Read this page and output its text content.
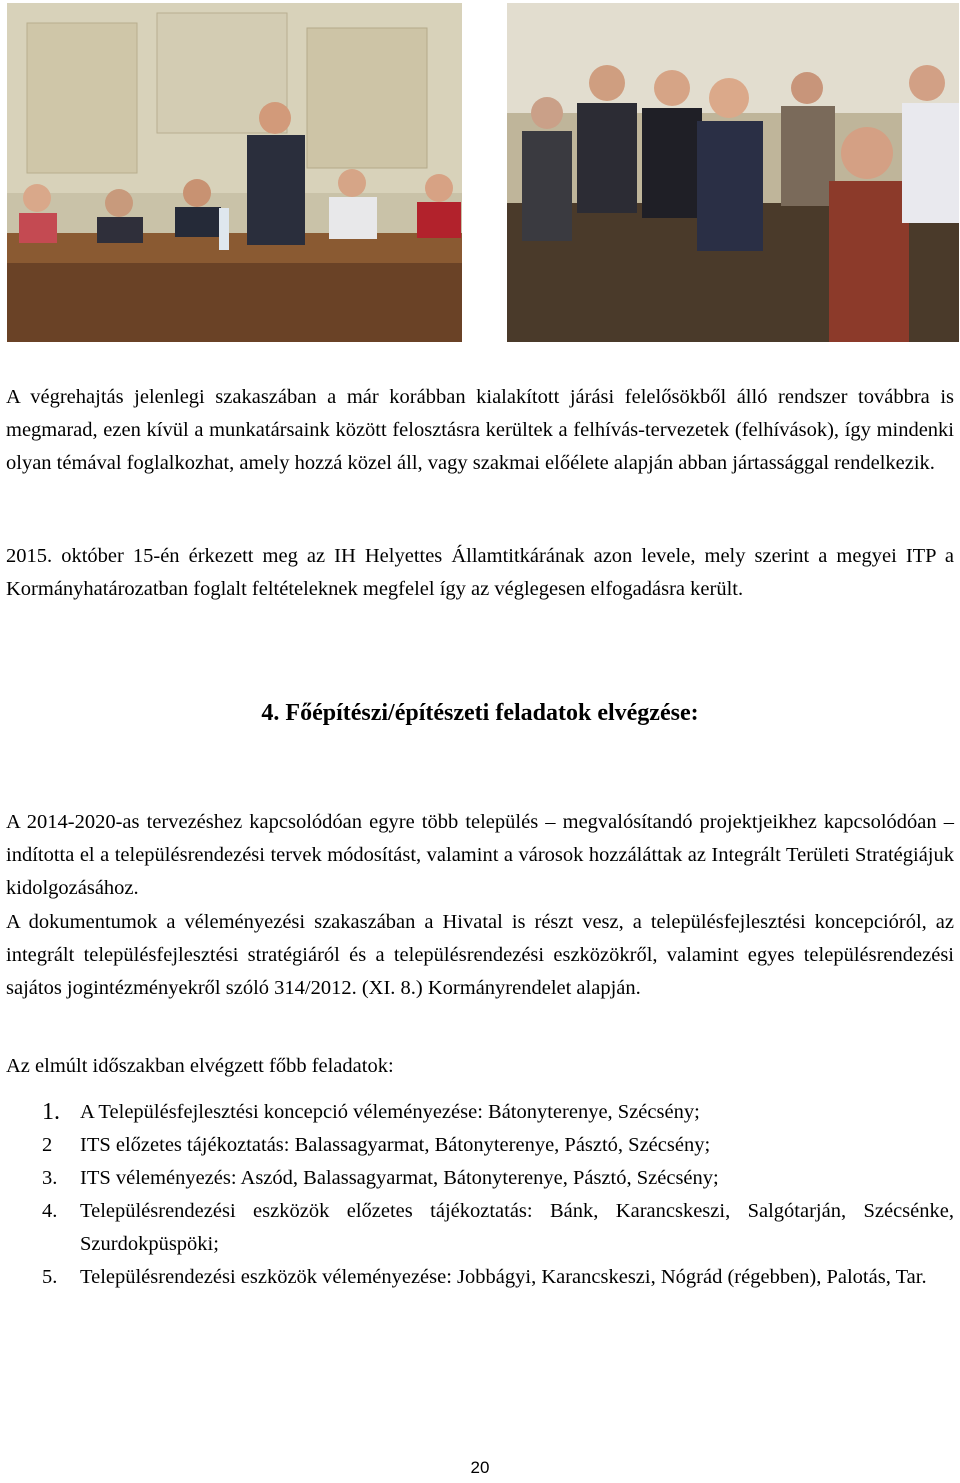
A végrehajtás jelenlegi szakaszában a már korábban kialakított járási felelősökből álló rendszer továbbra is megmarad, ezen kívül a munkatársaink között felosztásra kerültek a felhívás-tervezetek (felhívások), így mindenki olyan témával foglalkozhat, amely hozzá közel áll, vagy szakmai előélete alapján abban jártassággal rendelkezik.

2015. október 15-én érkezett meg az IH Helyettes Államtitkárának azon levele, mely szerint a megyei ITP a Kormányhatározatban foglalt feltételeknek megfelel így az véglegesen elfogadásra került.

4. Főépítészi/építészeti feladatok elvégzése:

A 2014-2020-as tervezéshez kapcsolódóan egyre több település – megvalósítandó projektjeikhez kapcsolódóan – indította el a településrendezési tervek módosítást, valamint a városok hozzáláttak az Integrált Területi Stratégiájuk kidolgozásához.

A dokumentumok a véleményezési szakaszában a Hivatal is részt vesz, a településfejlesztési koncepcióról, az integrált településfejlesztési stratégiáról és a településrendezési eszközökről, valamint egyes településrendezési sajátos jogintézményekről szóló 314/2012. (XI. 8.) Kormányrendelet alapján.

Az elmúlt időszakban elvégzett főbb feladatok:

1. A Településfejlesztési koncepció véleményezése: Bátonyterenye, Szécsény;
2	ITS előzetes tájékoztatás: Balassagyarmat, Bátonyterenye, Pásztó, Szécsény;
3.	ITS véleményezés: Aszód, Balassagyarmat, Bátonyterenye, Pásztó, Szécsény;
4.	Településrendezési eszközök előzetes tájékoztatás: Bánk, Karancskeszi, Salgótarján, Szécsénke, Szurdokpüspöki;
5.	Településrendezési eszközök véleményezése: Jobbágyi, Karancskeszi, Nógrád (régebben), Palotás, Tar.
20
